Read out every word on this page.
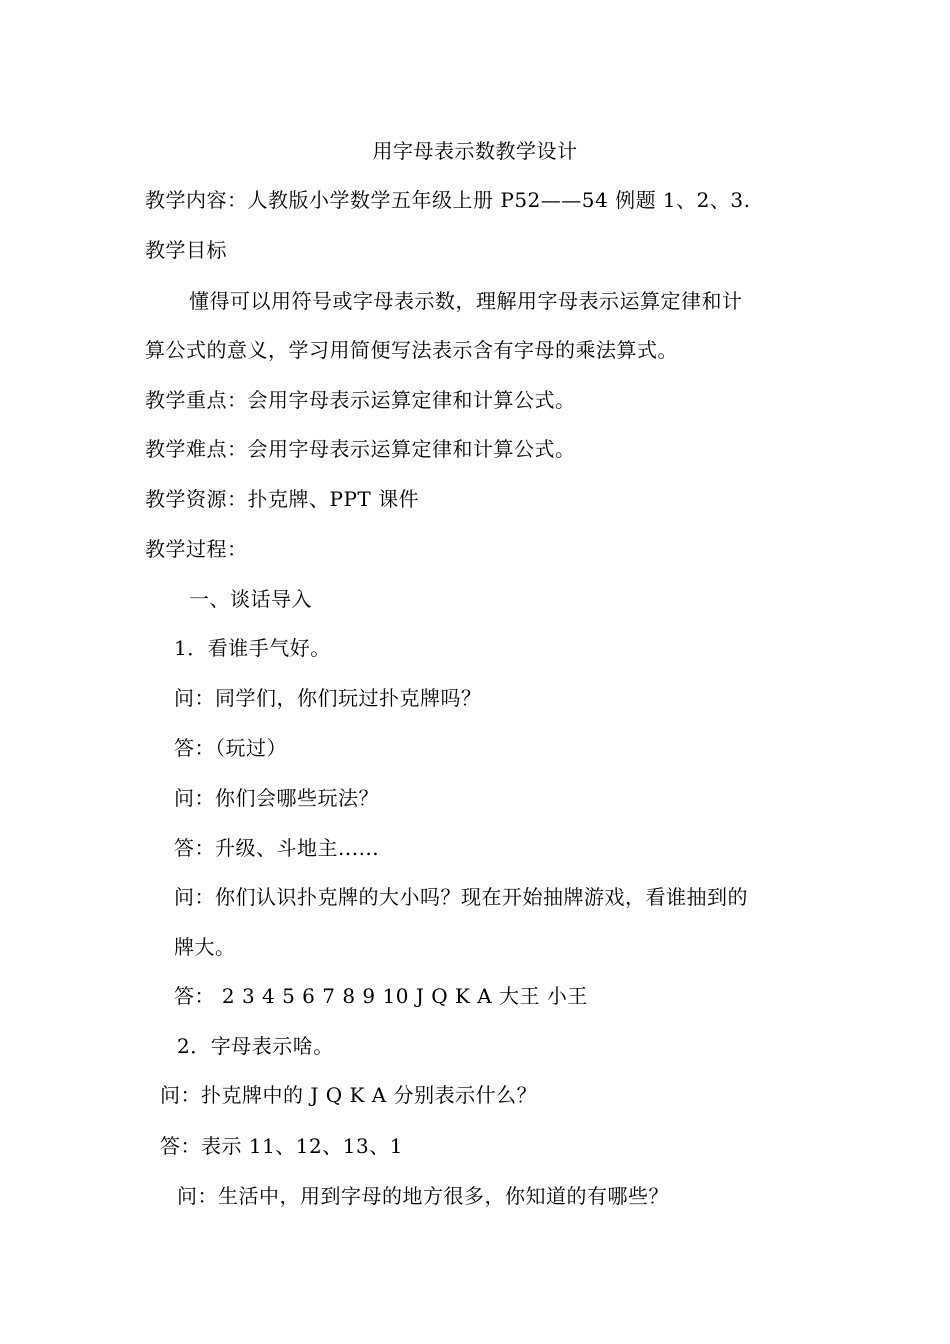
用字母表示数教学设计
教学内容：人教版小学数学五年级上册 P52——54 例题 1、2、3.
教学目标
懂得可以用符号或字母表示数，理解用字母表示运算定律和计
算公式的意义，学习用简便写法表示含有字母的乘法算式。
教学重点：会用字母表示运算定律和计算公式。
教学难点：会用字母表示运算定律和计算公式。
教学资源：扑克牌、PPT 课件
教学过程：
一、谈话导入
1．看谁手气好。
问：同学们，你们玩过扑克牌吗？
答：（玩过）
问：你们会哪些玩法？
答：升级、斗地主......
问：你们认识扑克牌的大小吗？现在开始抽牌游戏，看谁抽到的
牌大。
答： 2 3 4 5 6 7 8 9 10 J Q K A 大王 小王
2．字母表示啥。
问：扑克牌中的 J Q K A 分别表示什么？
答：表示 11、12、13、1
问：生活中，用到字母的地方很多，你知道的有哪些？
